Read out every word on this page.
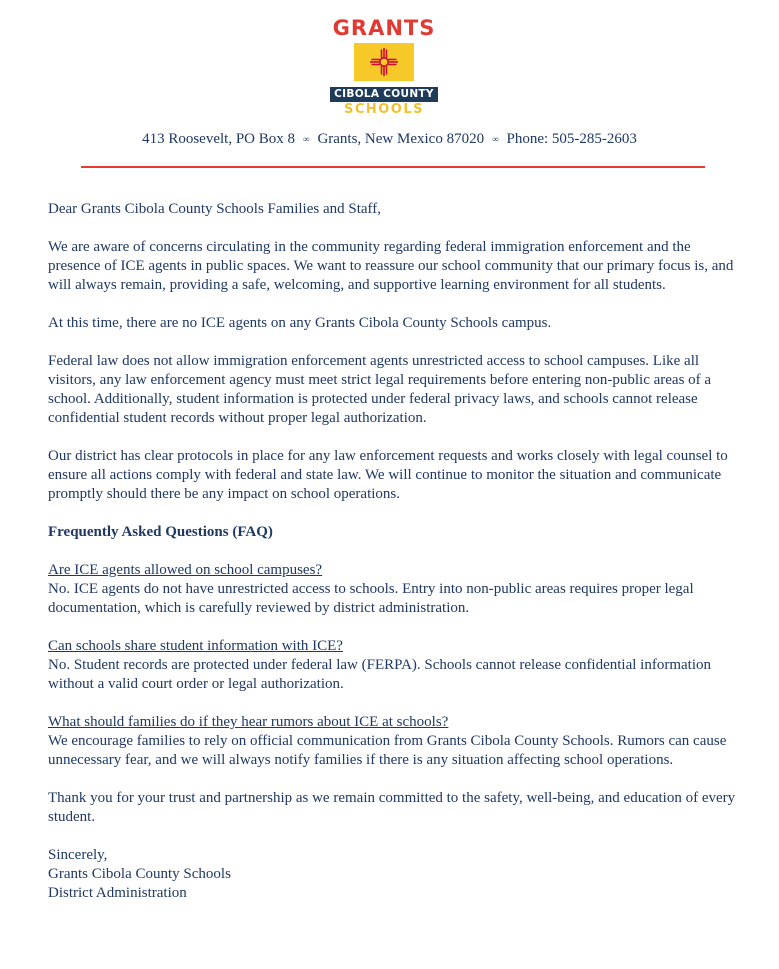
GRANTS
CIBOLA COUNTY
SCHOOLS
413 Roosevelt, PO Box 8 ∞ Grants, New Mexico 87020 ∞ Phone: 505-285-2603

Dear Grants Cibola County Schools Families and Staff,

We are aware of concerns circulating in the community regarding federal immigration enforcement and the presence of ICE agents in public spaces. We want to reassure our school community that our primary focus is, and will always remain, providing a safe, welcoming, and supportive learning environment for all students.

At this time, there are no ICE agents on any Grants Cibola County Schools campus.

Federal law does not allow immigration enforcement agents unrestricted access to school campuses. Like all visitors, any law enforcement agency must meet strict legal requirements before entering non-public areas of a school. Additionally, student information is protected under federal privacy laws, and schools cannot release confidential student records without proper legal authorization.

Our district has clear protocols in place for any law enforcement requests and works closely with legal counsel to ensure all actions comply with federal and state law. We will continue to monitor the situation and communicate promptly should there be any impact on school operations.

Frequently Asked Questions (FAQ)

Are ICE agents allowed on school campuses?
No. ICE agents do not have unrestricted access to schools. Entry into non-public areas requires proper legal documentation, which is carefully reviewed by district administration.

Can schools share student information with ICE?
No. Student records are protected under federal law (FERPA). Schools cannot release confidential information without a valid court order or legal authorization.

What should families do if they hear rumors about ICE at schools?
We encourage families to rely on official communication from Grants Cibola County Schools. Rumors can cause unnecessary fear, and we will always notify families if there is any situation affecting school operations.

Thank you for your trust and partnership as we remain committed to the safety, well-being, and education of every student.

Sincerely,

Grants Cibola County Schools

District Administration
